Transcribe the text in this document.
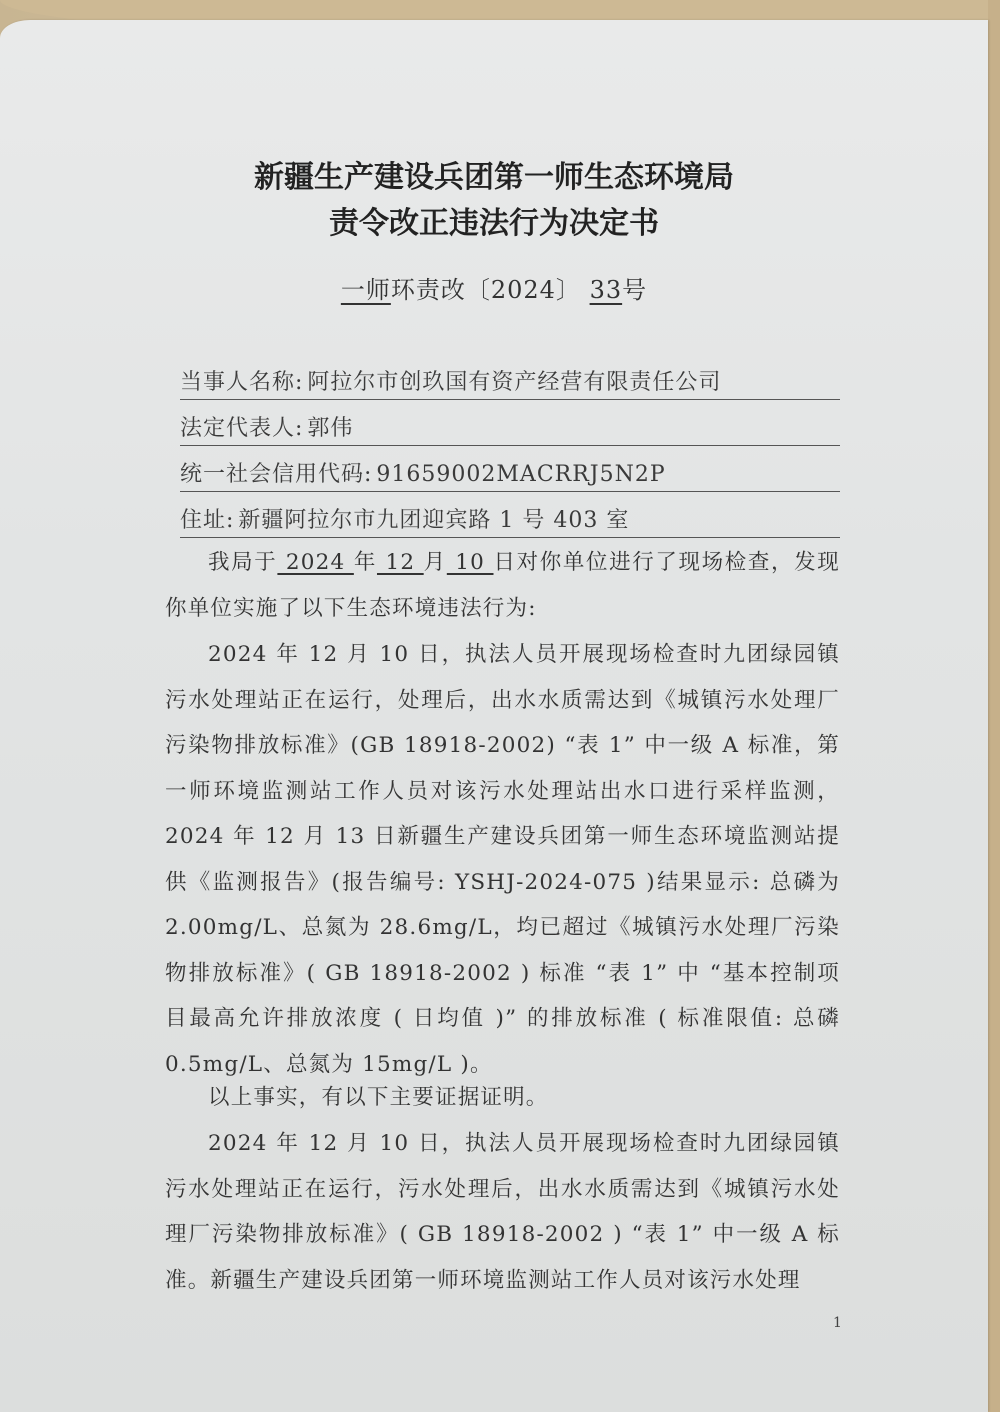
新疆生产建设兵团第一师生态环境局
责令改正违法行为决定书
一师环责改〔2024〕 33号
当事人名称: 阿拉尔市创玖国有资产经营有限责任公司
法定代表人: 郭伟
统一社会信用代码: 91659002MACRRJ5N2P
住址: 新疆阿拉尔市九团迎宾路 1 号 403 室
我局于 2024 年 12 月 10 日对你单位进行了现场检查，发现你单位实施了以下生态环境违法行为:
2024 年 12 月 10 日，执法人员开展现场检查时九团绿园镇污水处理站正在运行，处理后，出水水质需达到《城镇污水处理厂污染物排放标准》(GB 18918-2002) “表 1” 中一级 A 标准，第一师环境监测站工作人员对该污水处理站出水口进行采样监测，2024 年 12 月 13 日新疆生产建设兵团第一师生态环境监测站提供《监测报告》(报告编号: YSHJ-2024-075 )结果显示: 总磷为 2.00mg/L、总氮为 28.6mg/L，均已超过《城镇污水处理厂污染物排放标准》( GB 18918-2002 ) 标准 “表 1” 中 “基本控制项目最高允许排放浓度 ( 日均值 )” 的排放标准 ( 标准限值: 总磷 0.5mg/L、总氮为 15mg/L )。
以上事实，有以下主要证据证明。
2024 年 12 月 10 日，执法人员开展现场检查时九团绿园镇污水处理站正在运行，污水处理后，出水水质需达到《城镇污水处理厂污染物排放标准》( GB 18918-2002 ) “表 1” 中一级 A 标准。新疆生产建设兵团第一师环境监测站工作人员对该污水处理
1
